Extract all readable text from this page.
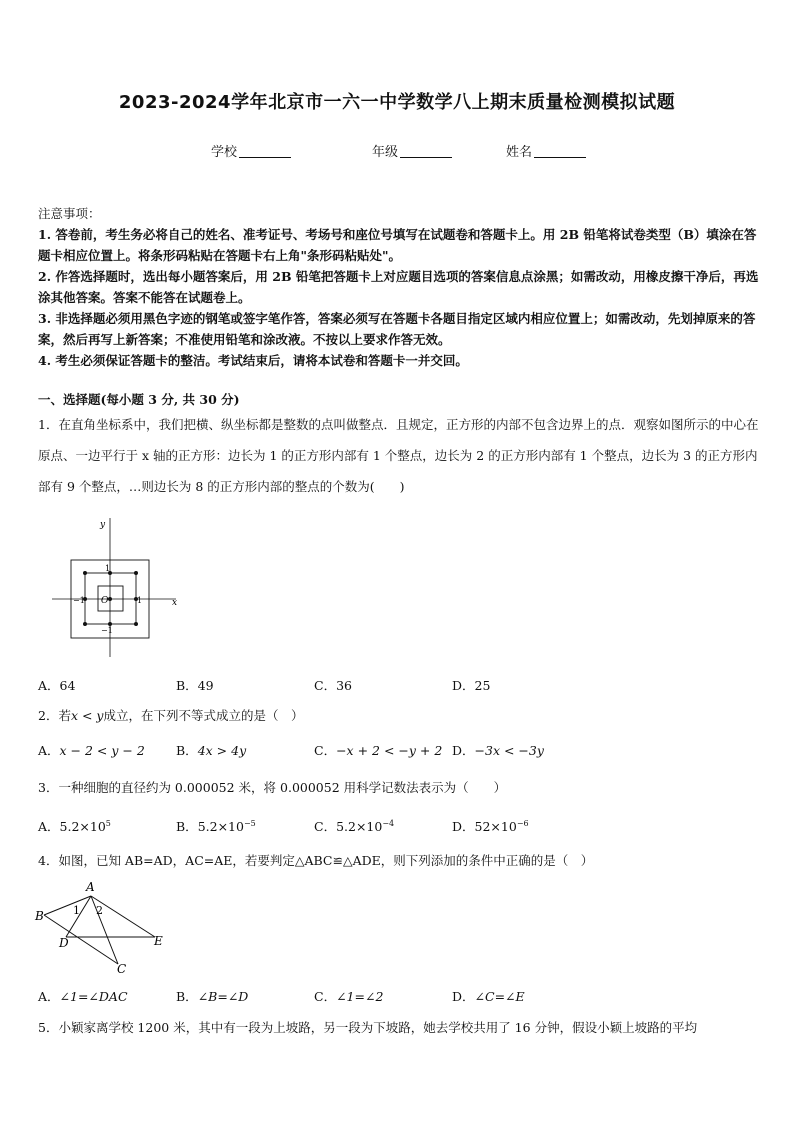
2023-2024学年北京市一六一中学数学八上期末质量检测模拟试题
学校	年级	姓名

注意事项：

1. 答卷前，考生务必将自己的姓名、准考证号、考场号和座位号填写在试题卷和答题卡上。用 2B 铅笔将试卷类型（B）填涂在答题卡相应位置上。将条形码粘贴在答题卡右上角"条形码粘贴处"。

2. 作答选择题时，选出每小题答案后，用 2B 铅笔把答题卡上对应题目选项的答案信息点涂黑；如需改动，用橡皮擦干净后，再选涂其他答案。答案不能答在试题卷上。

3. 非选择题必须用黑色字迹的钢笔或签字笔作答，答案必须写在答题卡各题目指定区域内相应位置上；如需改动，先划掉原来的答案，然后再写上新答案；不准使用铅笔和涂改液。不按以上要求作答无效。

4. 考生必须保证答题卡的整洁。考试结束后，请将本试卷和答题卡一并交回。

一、选择题(每小题 3 分, 共 30 分)
1．在直角坐标系中，我们把横、纵坐标都是整数的点叫做整点．且规定，正方形的内部不包含边界上的点．观察如图所示的中心在原点、一边平行于 x 轴的正方形：边长为 1 的正方形内部有 1 个整点，边长为 2 的正方形内部有 1 个整点，边长为 3 的正方形内部有 9 个整点，…则边长为 8 的正方形内部的整点的个数为(　　)
y
x
O
1
1
−1
−1
A．64	B．49	C．36	D．25
2．若x < y成立，在下列不等式成立的是（　）
A．x − 2 < y − 2 B．4x > 4y	C．−x + 2 < −y + 2 D．−3x < −3y
3．一种细胞的直径约为 0.000052 米，将 0.000052 用科学记数法表示为（　　）
A．$5.2\times 10^5$	B．$5.2\times 10^{-5}$	C．$5.2\times 10^{-4}$	D．$52\times 10^{-6}$
4．如图，已知 AB=AD，AC=AE，若要判定△ABC≌△ADE，则下列添加的条件中正确的是（　）
A
B
D	E
C
1 2
A．∠1=∠DAC	B．∠B=∠D	C．∠1=∠2	D．∠C=∠E
5．小颖家离学校 1200 米，其中有一段为上坡路，另一段为下坡路，她去学校共用了 16 分钟，假设小颖上坡路的平均
